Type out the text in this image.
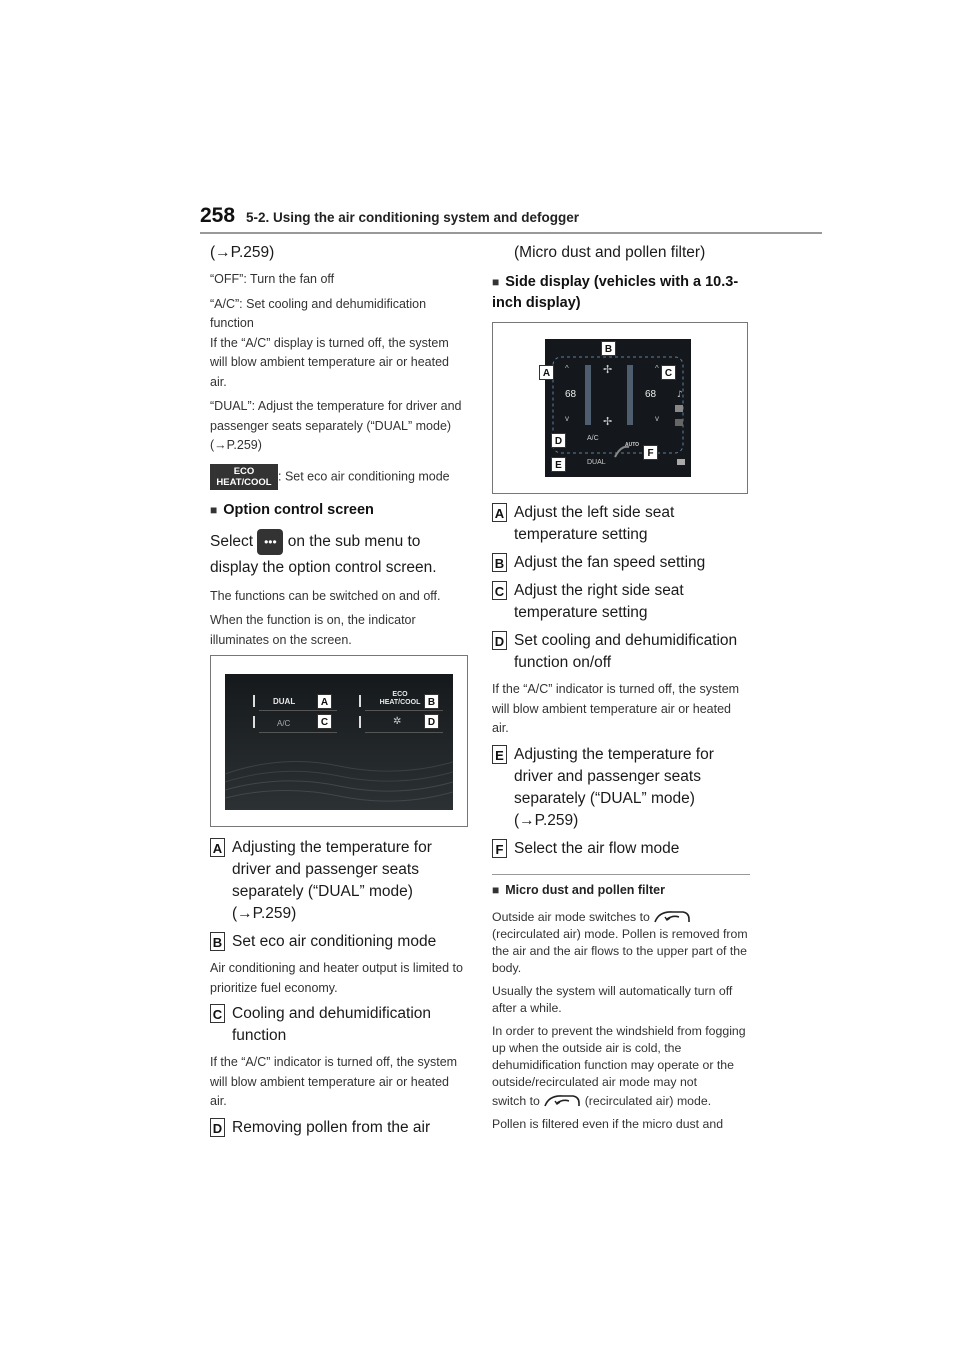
258 5-2. Using the air conditioning system and defogger

(→P.259)

“OFF”: Turn the fan off

“A/C”: Set cooling and dehumidification function

If the “A/C” display is turned off, the system will blow ambient temperature air or heated air.

“DUAL”: Adjust the temperature for driver and passenger seats separately (“DUAL” mode) (→P.259)

ECO HEAT/COOL : Set eco air conditioning mode

■ Option control screen

Select ••• on the sub menu to display the option control screen.

The functions can be switched on and off.

When the function is on, the indicator illuminates on the screen.

DUAL
A/C
ECO HEAT/COOL
✲
A	B
C	D
A Adjusting the temperature for driver and passenger seats separately (“DUAL” mode) (→P.259)
B Set eco air conditioning mode

Air conditioning and heater output is limited to prioritize fuel economy.

C Cooling and dehumidification function

If the “A/C” indicator is turned off, the system will blow ambient temperature air or heated air.

D Removing pollen from the air

(Micro dust and pollen filter)

■ Side display (vehicles with a 10.3-inch display)
^	^
✢
✢
v	v
♪
68	68
A/C
AUTO
DUAL
B
A	C
D
E
F
A Adjust the left side seat temperature setting
B Adjust the fan speed setting
C Adjust the right side seat temperature setting
D Set cooling and dehumidification function on/off

If the “A/C” indicator is turned off, the system will blow ambient temperature air or heated air.

E Adjusting the temperature for driver and passenger seats separately (“DUAL” mode) (→P.259)
F Select the air flow mode
■ Micro dust and pollen filter

Outside air mode switches to  (recirculated air) mode. Pollen is removed from the air and the air flows to the upper part of the body.

Usually the system will automatically turn off after a while.

In order to prevent the windshield from fogging up when the outside air is cold, the dehumidification function may operate or the outside/recirculated air mode may not

switch to	(recirculated air) mode.

Pollen is filtered even if the micro dust and
